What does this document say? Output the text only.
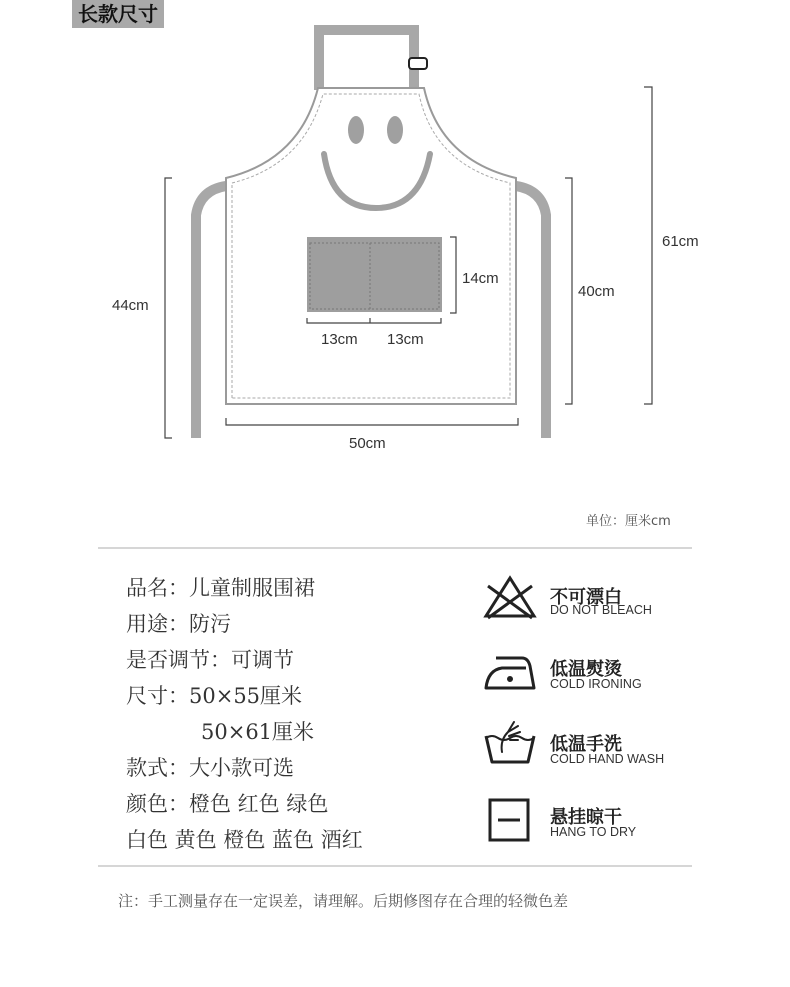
长款尺寸
61cm
44cm
40cm
14cm
13cm 13cm
50cm
单位：厘米cm
品名：儿童制服围裙
用途：防污
是否调节：可调节
尺寸：50×55厘米
50×61厘米
款式：大小款可选
颜色：橙色 红色 绿色
白色 黄色 橙色 蓝色 酒红
不可漂白
DO NOT BLEACH
低温熨烫
COLD IRONING
低温手洗
COLD HAND WASH
悬挂晾干
HANG TO DRY
注：手工测量存在一定误差，请理解。后期修图存在合理的轻微色差
